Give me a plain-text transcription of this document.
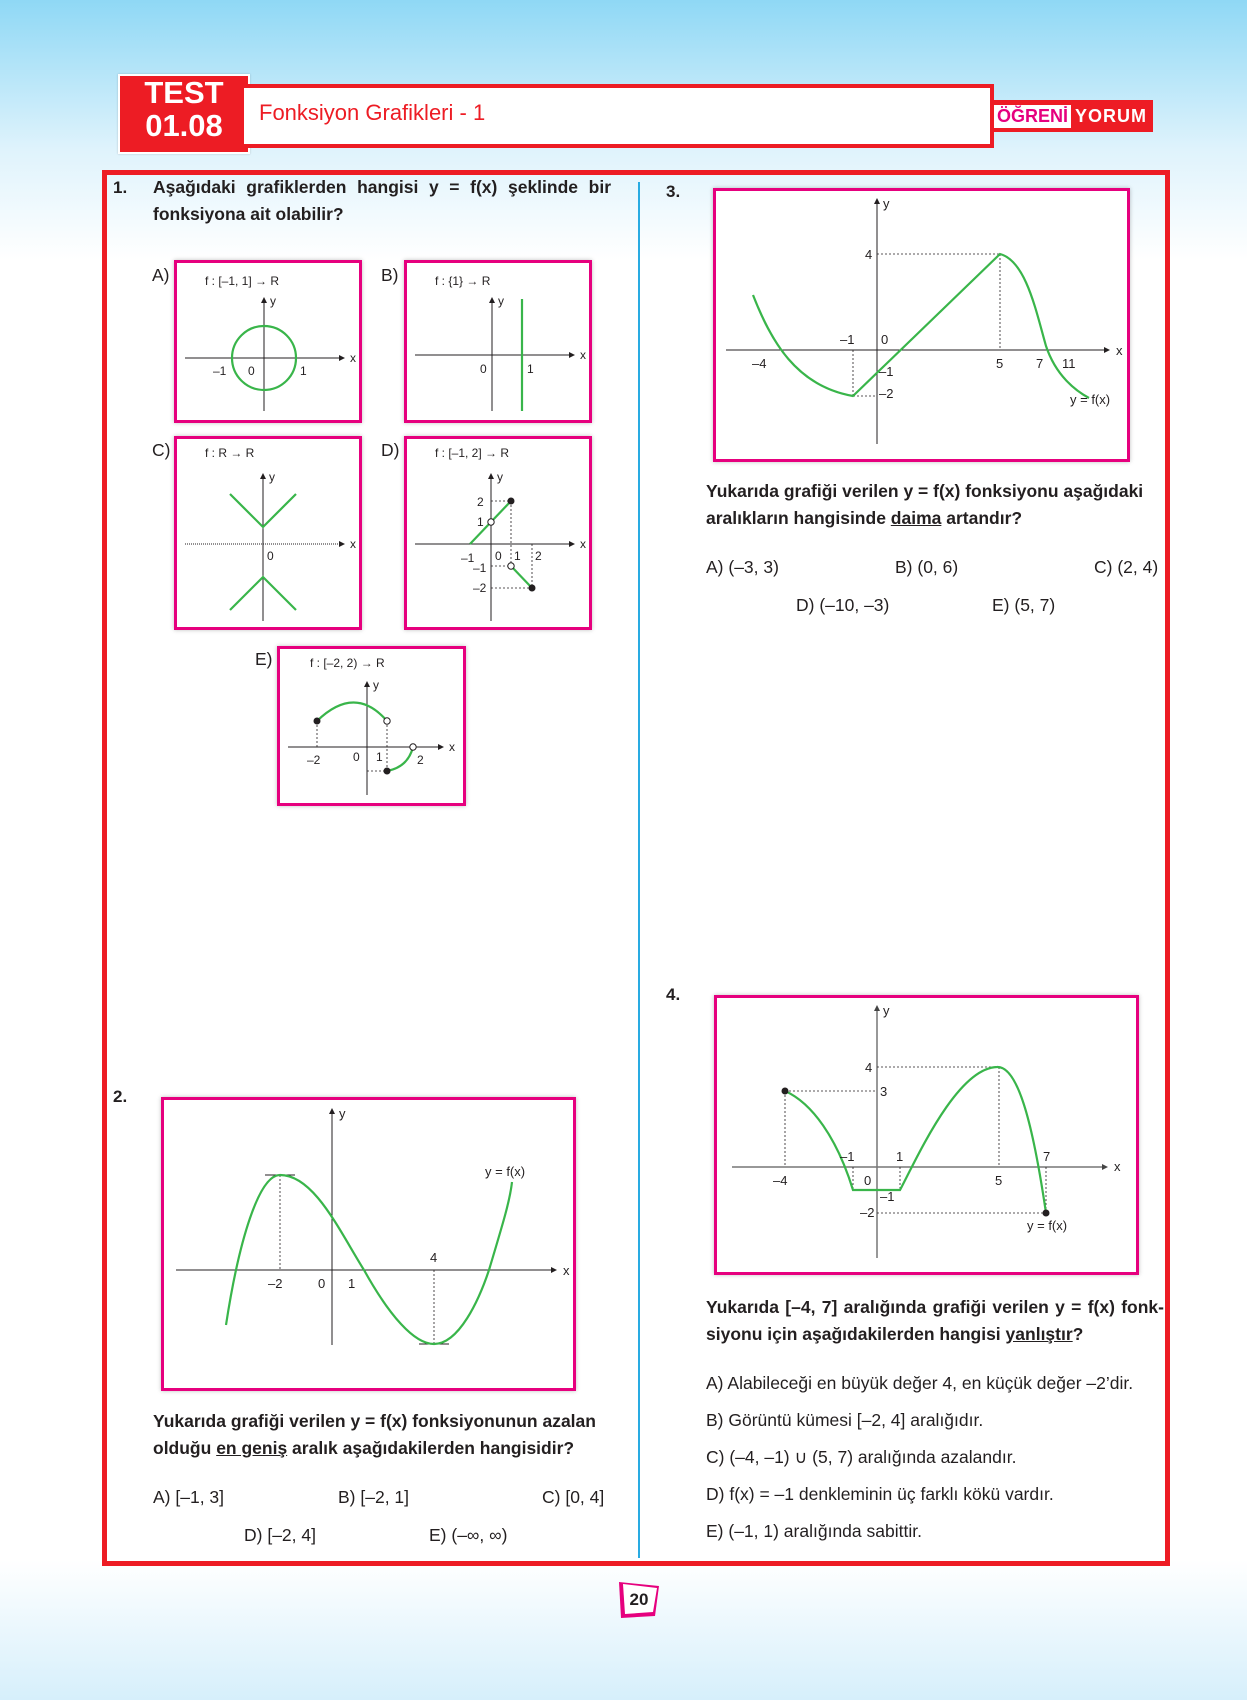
TEST
01.08	Fonksiyon Grafikleri - 1	ÖĞRENİ YORUM
1. Aşağıdaki grafiklerden hangisi y = f(x) şeklinde bir fonksiyona ait olabilir?
A)	f : [–1, 1] → R
x
y
–1 0	1
B)	f : {1} → R
x
y
0	1
C)	f : R → R
x
y
0
D)	f : [–1, 2] → R
x
y
2
1
–1 0 1 2
–1
–2
E)	f : [–2, 2) → R
x
y
–2	0 1	2
2.
x
y
y = f(x)
–2	0 1
4
Yukarıda grafiği verilen y = f(x) fonksiyonunun azalan olduğu en geniş aralık aşağıdakilerden hangisidir?
A) [–1, 3]	B) [–2, 1]	C) [0, 4]
D) [–2, 4]	E) (–∞, ∞)
3.
x
y
–4
–1 0
5	7 11
4
–1
–2	y = f(x)
Yukarıda grafiği verilen y = f(x) fonksiyonu aşağıdaki aralıkların hangisinde daima artandır?
A) (–3, 3)	B) (0, 6)	C) (2, 4)
D) (–10, –3)	E) (5, 7)
4.
x
y
–4
–1
0
1
5
7
4
3
–1
–2
y = f(x)
Yukarıda [–4, 7] aralığında grafiği verilen y = f(x) fonk-siyonu için aşağıdakilerden hangisi yanlıştır?
A) Alabileceği en büyük değer 4, en küçük değer –2’dir.
B) Görüntü kümesi [–2, 4] aralığıdır.
C) (–4, –1) ∪ (5, 7) aralığında azalandır.
D) f(x) = –1 denkleminin üç farklı kökü vardır.
E) (–1, 1) aralığında sabittir.
20
